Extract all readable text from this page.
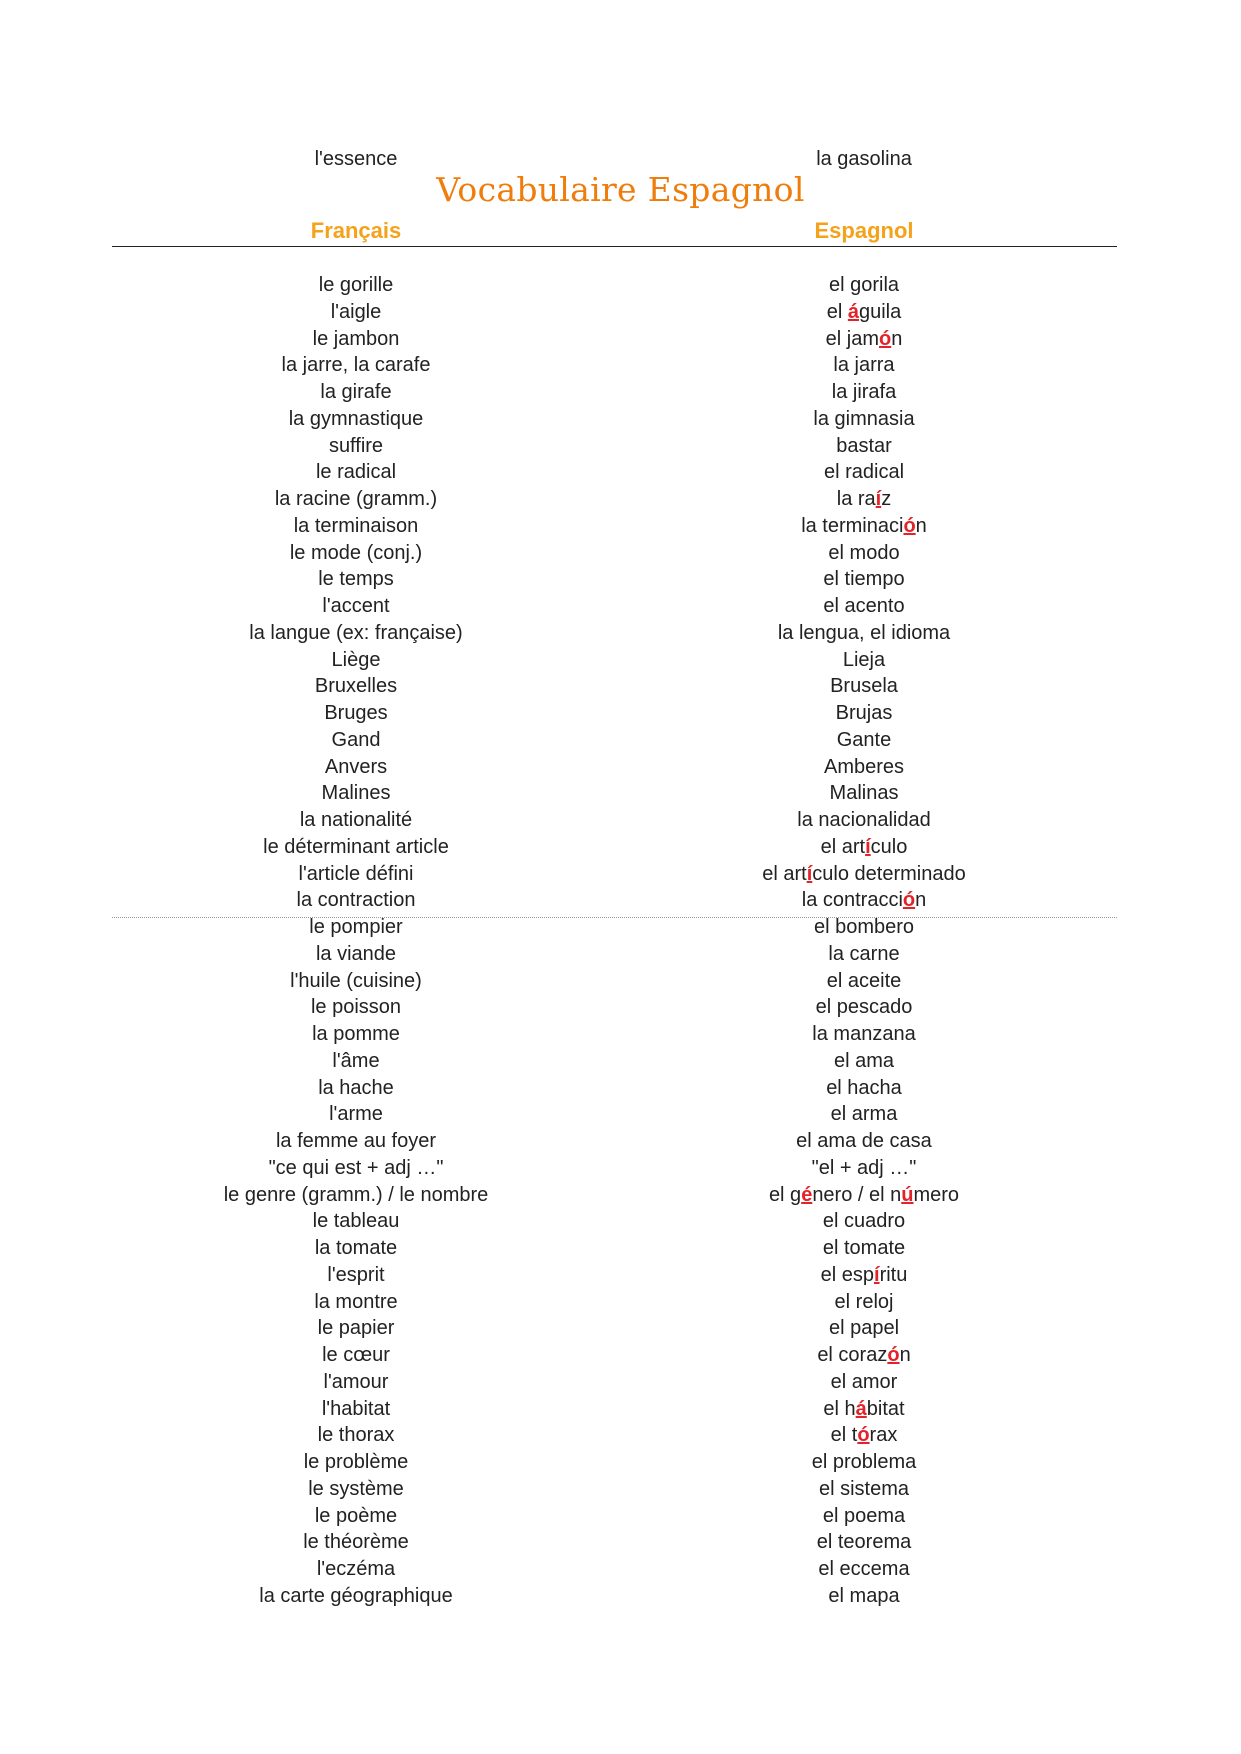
l'essence	la gasolina
Vocabulaire Espagnol
Français	Espagnol
le gorille	el gorila
l'aigle	el águila
le jambon	el jamón
la jarre, la carafe	la jarra
la girafe	la jirafa
la gymnastique	la gimnasia
suffire	bastar
le radical	el radical
la racine (gramm.)	la raíz
la terminaison	la terminación
le mode (conj.)	el modo
le temps	el tiempo
l'accent	el acento
la langue (ex: française)	la lengua, el idioma
Liège	Lieja
Bruxelles	Brusela
Bruges	Brujas
Gand	Gante
Anvers	Amberes
Malines	Malinas
la nationalité	la nacionalidad
le déterminant article	el artículo
l'article défini	el artículo determinado
la contraction	la contracción
le pompier	el bombero
la viande	la carne
l'huile (cuisine)	el aceite
le poisson	el pescado
la pomme	la manzana
l'âme	el ama
la hache	el hacha
l'arme	el arma
la femme au foyer	el ama de casa
"ce qui est + adj …"	"el + adj …"
le genre (gramm.) / le nombre	el género / el número
le tableau	el cuadro
la tomate	el tomate
l'esprit	el espíritu
la montre	el reloj
le papier	el papel
le cœur	el corazón
l'amour	el amor
l'habitat	el hábitat
le thorax	el tórax
le problème	el problema
le système	el sistema
le poème	el poema
le théorème	el teorema
l'eczéma	el eccema
la carte géographique	el mapa
